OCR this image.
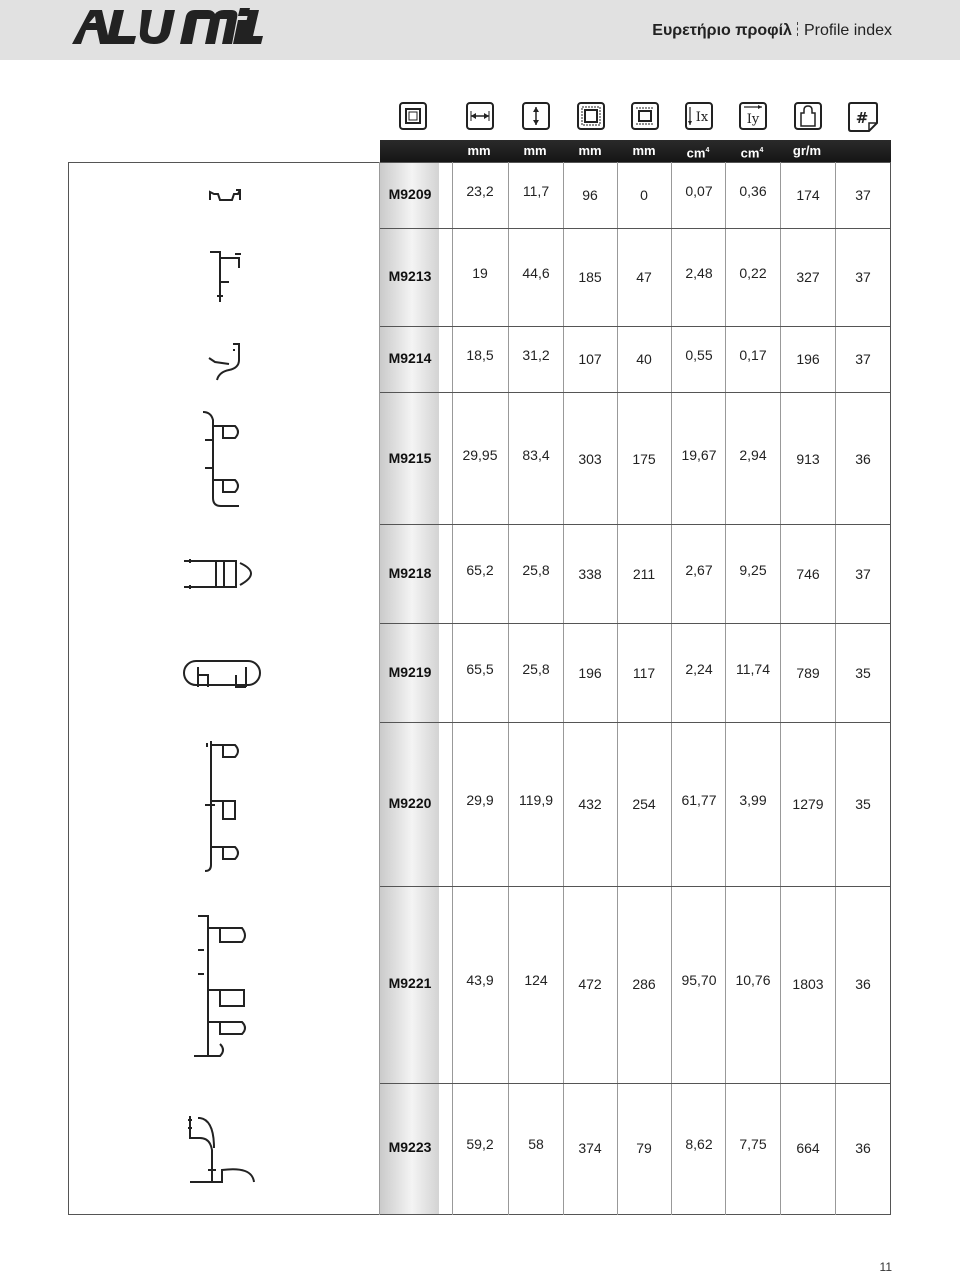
Ευρετήριο προφίλ Profile index
Ix	Iy	#
mm	mm	mm	mm	$cm^4$	$cm^4$	gr/m
M9209	23,2	11,7	96	0	0,07	0,36	174	37
M9213	19	44,6	185	47	2,48	0,22	327	37
M9214	18,5	31,2	107	40	0,55	0,17	196	37
M9215	29,95	83,4	303	175	19,67	2,94	913	36
M9218	65,2	25,8	338	211	2,67	9,25	746	37
M9219	65,5	25,8	196	117	2,24	11,74	789	35
M9220	29,9	119,9	432	254	61,77	3,99	1279	35
M9221	43,9	124	472	286	95,70	10,76	1803	36
M9223	59,2	58	374	79	8,62	7,75	664	36
11
